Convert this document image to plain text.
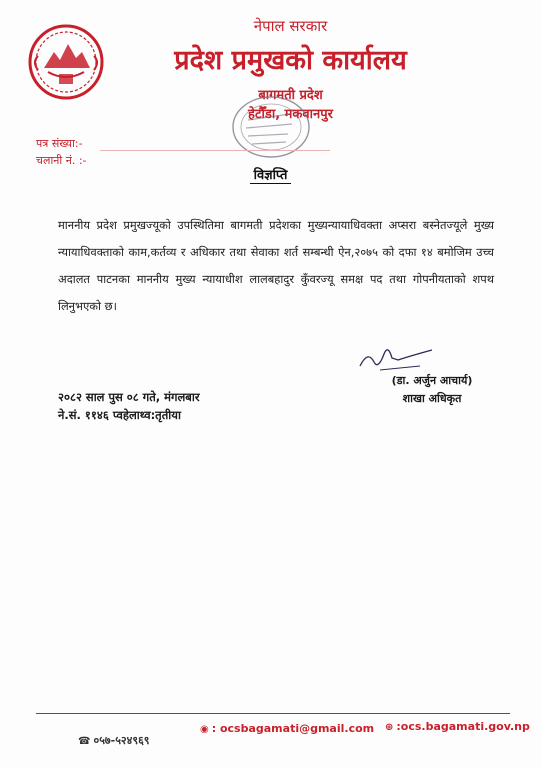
नेपाल सरकार
प्रदेश प्रमुखको कार्यालय
बागमती प्रदेश
हेटौँडा, मकवानपुर
पत्र संख्या:-
चलानी नं. :-
विज्ञप्ति
माननीय प्रदेश प्रमुखज्यूको उपस्थितिमा बागमती प्रदेशका मुख्यन्यायाधिवक्ता अप्सरा बस्नेतज्यूले मुख्य न्यायाधिवक्ताको काम,कर्तव्य र अधिकार तथा सेवाका शर्त सम्बन्धी ऐन,२०७५ को दफा १४ बमोजिम उच्च अदालत पाटनका माननीय मुख्य न्यायाधीश लालबहादुर कुँवरज्यू समक्ष पद तथा गोपनीयताको शपथ लिनुभएको छ।
२०८२ साल पुस ०८ गते, मंगलबार
ने.सं. ११४६ प्वहेलाथ्व:तृतीया
(डा. अर्जुन आचार्य)
शाखा अधिकृत
☎ ०५७-५२४९६९
◉ : ocsbagamati@gmail.com ⊕ :ocs.bagamati.gov.np
